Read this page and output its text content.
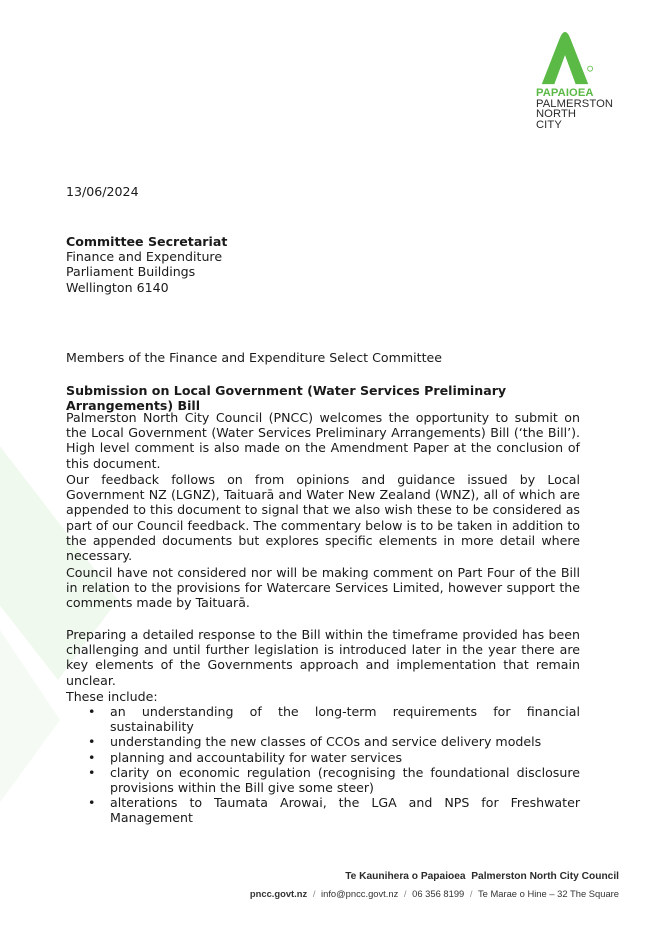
PAPAIOEA
PALMERSTON
NORTH
CITY

13/06/2024

Committee Secretariat
Finance and Expenditure
Parliament Buildings
Wellington 6140

Members of the Finance and Expenditure Select Committee

Submission on Local Government (Water Services Preliminary Arrangements) Bill

Palmerston North City Council (PNCC) welcomes the opportunity to submit on the Local Government (Water Services Preliminary Arrangements) Bill (‘the Bill’). High level comment is also made on the Amendment Paper at the conclusion of this document.

Our feedback follows on from opinions and guidance issued by Local Government NZ (LGNZ), Taituarā and Water New Zealand (WNZ), all of which are appended to this document to signal that we also wish these to be considered as part of our Council feedback. The commentary below is to be taken in addition to the appended documents but explores specific elements in more detail where necessary.

Council have not considered nor will be making comment on Part Four of the Bill in relation to the provisions for Watercare Services Limited, however support the comments made by Taituarā.

Preparing a detailed response to the Bill within the timeframe provided has been challenging and until further legislation is introduced later in the year there are key elements of the Governments approach and implementation that remain unclear.

These include:

• an understanding of the long-term requirements for financial sustainability
• understanding the new classes of CCOs and service delivery models
• planning and accountability for water services
• clarity on economic regulation (recognising the foundational disclosure provisions within the Bill give some steer)
• alterations to Taumata Arowai, the LGA and NPS for Freshwater Management
Te Kaunihera o Papaioea Palmerston North City Council
pncc.govt.nz / info@pncc.govt.nz / 06 356 8199 / Te Marae o Hine – 32 The Square
